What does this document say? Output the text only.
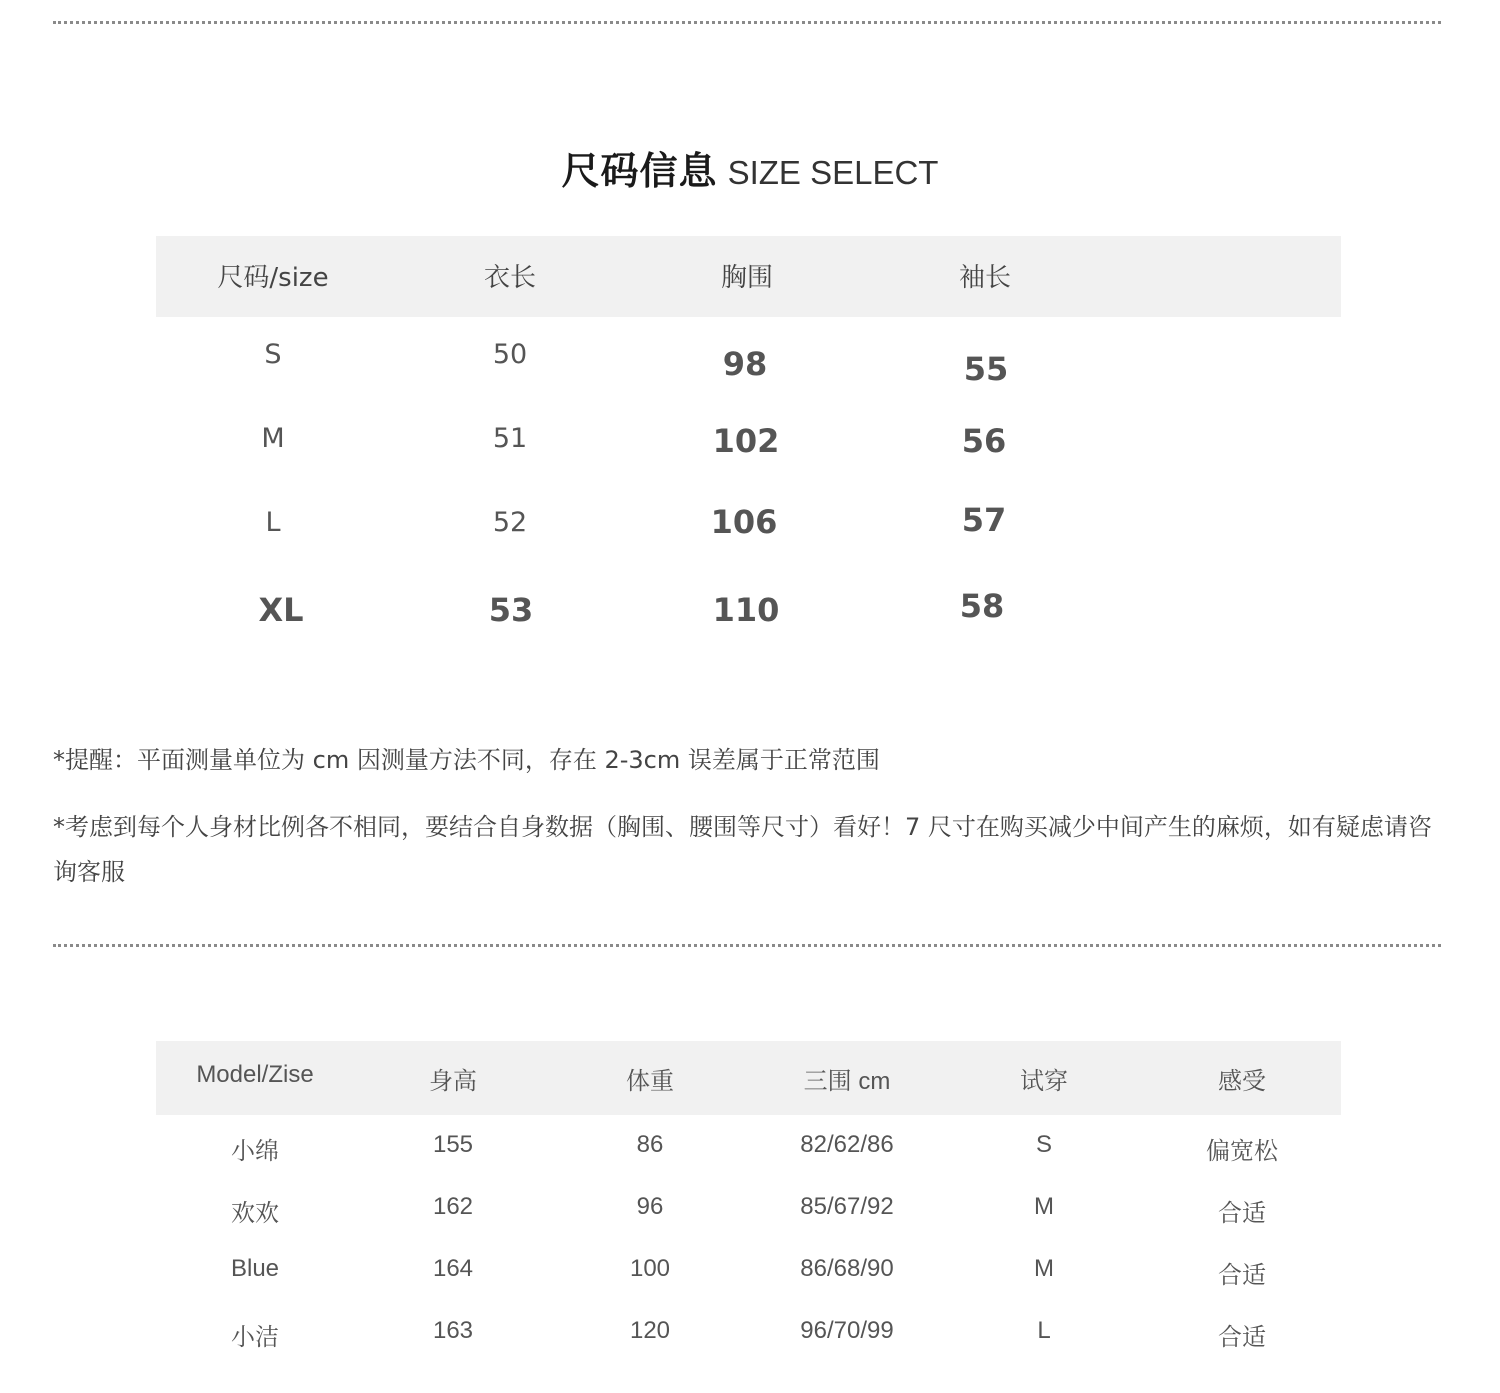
尺码信息 SIZE SELECT
尺码/size	衣长	胸围	袖长
S	50	98	55
M	51	102	56
L	52	106	57
XL	53	110	58
*提醒：平面测量单位为 cm 因测量方法不同，存在 2-3cm 误差属于正常范围
*考虑到每个人身材比例各不相同，要结合自身数据（胸围、腰围等尺寸）看好！7 尺寸在购买减少中间产生的麻烦，如有疑虑请咨询客服
Model/Zise	身高	体重	三围 cm	试穿	感受
小绵	155	86	82/62/86	S	偏宽松
欢欢	162	96	85/67/92	M	合适
Blue	164	100	86/68/90	M	合适
小洁	163	120	96/70/99	L	合适
